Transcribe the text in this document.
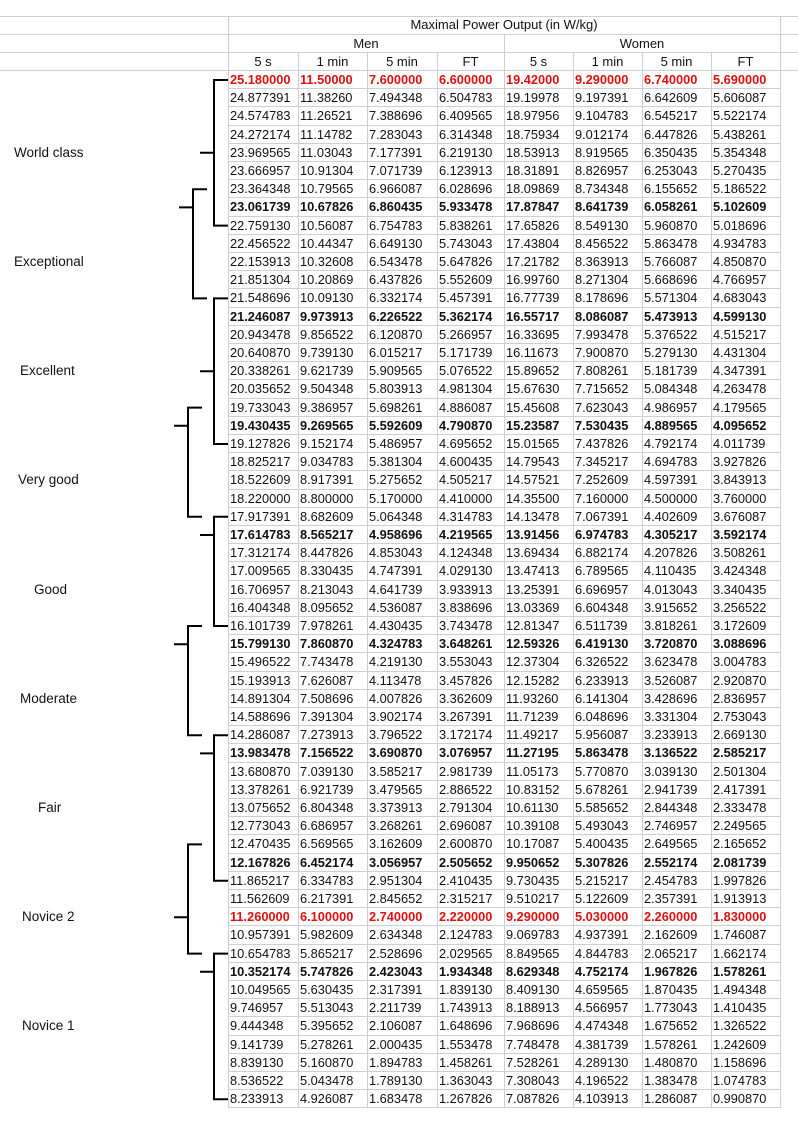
Maximal Power Output (in W/kg)
Men	Women
5 s	1 min	5 min	FT	5 s	1 min	5 min	FT
25.180000 11.50000	7.600000	6.600000	19.42000	9.290000	6.740000	5.690000
24.877391 11.38260	7.494348	6.504783	19.19978	9.197391	6.642609	5.606087
24.574783 11.26521	7.388696	6.409565	18.97956	9.104783	6.545217	5.522174
24.272174 11.14782	7.283043	6.314348	18.75934	9.012174	6.447826	5.438261
23.969565 11.03043	7.177391	6.219130	18.53913	8.919565	6.350435	5.354348
23.666957 10.91304	7.071739	6.123913	18.31891	8.826957	6.253043	5.270435
23.364348 10.79565	6.966087	6.028696	18.09869	8.734348	6.155652	5.186522
23.061739 10.67826	6.860435	5.933478	17.87847	8.641739	6.058261	5.102609
22.759130 10.56087	6.754783	5.838261	17.65826	8.549130	5.960870	5.018696
22.456522 10.44347	6.649130	5.743043	17.43804	8.456522	5.863478	4.934783
22.153913 10.32608	6.543478	5.647826	17.21782	8.363913	5.766087	4.850870
21.851304 10.20869	6.437826	5.552609	16.99760	8.271304	5.668696	4.766957
21.548696 10.09130	6.332174	5.457391	16.77739	8.178696	5.571304	4.683043
21.246087 9.973913	6.226522	5.362174	16.55717	8.086087	5.473913	4.599130
20.943478 9.856522	6.120870	5.266957	16.33695	7.993478	5.376522	4.515217
20.640870 9.739130	6.015217	5.171739	16.11673	7.900870	5.279130	4.431304
20.338261 9.621739	5.909565	5.076522	15.89652	7.808261	5.181739	4.347391
20.035652 9.504348	5.803913	4.981304	15.67630	7.715652	5.084348	4.263478
19.733043 9.386957	5.698261	4.886087	15.45608	7.623043	4.986957	4.179565
19.430435 9.269565	5.592609	4.790870	15.23587	7.530435	4.889565	4.095652
19.127826 9.152174	5.486957	4.695652	15.01565	7.437826	4.792174	4.011739
18.825217 9.034783	5.381304	4.600435	14.79543	7.345217	4.694783	3.927826
18.522609 8.917391	5.275652	4.505217	14.57521	7.252609	4.597391	3.843913
18.220000 8.800000	5.170000	4.410000	14.35500	7.160000	4.500000	3.760000
17.917391 8.682609	5.064348	4.314783	14.13478	7.067391	4.402609	3.676087
17.614783 8.565217	4.958696	4.219565	13.91456	6.974783	4.305217	3.592174
17.312174 8.447826	4.853043	4.124348	13.69434	6.882174	4.207826	3.508261
17.009565 8.330435	4.747391	4.029130	13.47413	6.789565	4.110435	3.424348
16.706957 8.213043	4.641739	3.933913	13.25391	6.696957	4.013043	3.340435
16.404348 8.095652	4.536087	3.838696	13.03369	6.604348	3.915652	3.256522
16.101739 7.978261	4.430435	3.743478	12.81347	6.511739	3.818261	3.172609
15.799130 7.860870	4.324783	3.648261	12.59326	6.419130	3.720870	3.088696
15.496522 7.743478	4.219130	3.553043	12.37304	6.326522	3.623478	3.004783
15.193913 7.626087	4.113478	3.457826	12.15282	6.233913	3.526087	2.920870
14.891304 7.508696	4.007826	3.362609	11.93260	6.141304	3.428696	2.836957
14.588696 7.391304	3.902174	3.267391	11.71239	6.048696	3.331304	2.753043
14.286087 7.273913	3.796522	3.172174	11.49217	5.956087	3.233913	2.669130
13.983478 7.156522	3.690870	3.076957	11.27195	5.863478	3.136522	2.585217
13.680870 7.039130	3.585217	2.981739	11.05173	5.770870	3.039130	2.501304
13.378261 6.921739	3.479565	2.886522	10.83152	5.678261	2.941739	2.417391
13.075652 6.804348	3.373913	2.791304	10.61130	5.585652	2.844348	2.333478
12.773043 6.686957	3.268261	2.696087	10.39108	5.493043	2.746957	2.249565
12.470435 6.569565	3.162609	2.600870	10.17087	5.400435	2.649565	2.165652
12.167826 6.452174	3.056957	2.505652	9.950652	5.307826	2.552174	2.081739
11.865217 6.334783	2.951304	2.410435	9.730435	5.215217	2.454783	1.997826
11.562609 6.217391	2.845652	2.315217	9.510217	5.122609	2.357391	1.913913
11.260000 6.100000	2.740000	2.220000	9.290000	5.030000	2.260000	1.830000
10.957391 5.982609	2.634348	2.124783	9.069783	4.937391	2.162609	1.746087
10.654783 5.865217	2.528696	2.029565	8.849565	4.844783	2.065217	1.662174
10.352174 5.747826	2.423043	1.934348	8.629348	4.752174	1.967826	1.578261
10.049565 5.630435	2.317391	1.839130	8.409130	4.659565	1.870435	1.494348
9.746957	5.513043	2.211739	1.743913	8.188913	4.566957	1.773043	1.410435
9.444348	5.395652	2.106087	1.648696	7.968696	4.474348	1.675652	1.326522
9.141739	5.278261	2.000435	1.553478	7.748478	4.381739	1.578261	1.242609
8.839130	5.160870	1.894783	1.458261	7.528261	4.289130	1.480870	1.158696
8.536522	5.043478	1.789130	1.363043	7.308043	4.196522	1.383478	1.074783
8.233913	4.926087	1.683478	1.267826	7.087826	4.103913	1.286087	0.990870
World class
Exceptional
Excellent
Very good
Good
Moderate
Fair
Novice 2
Novice 1
